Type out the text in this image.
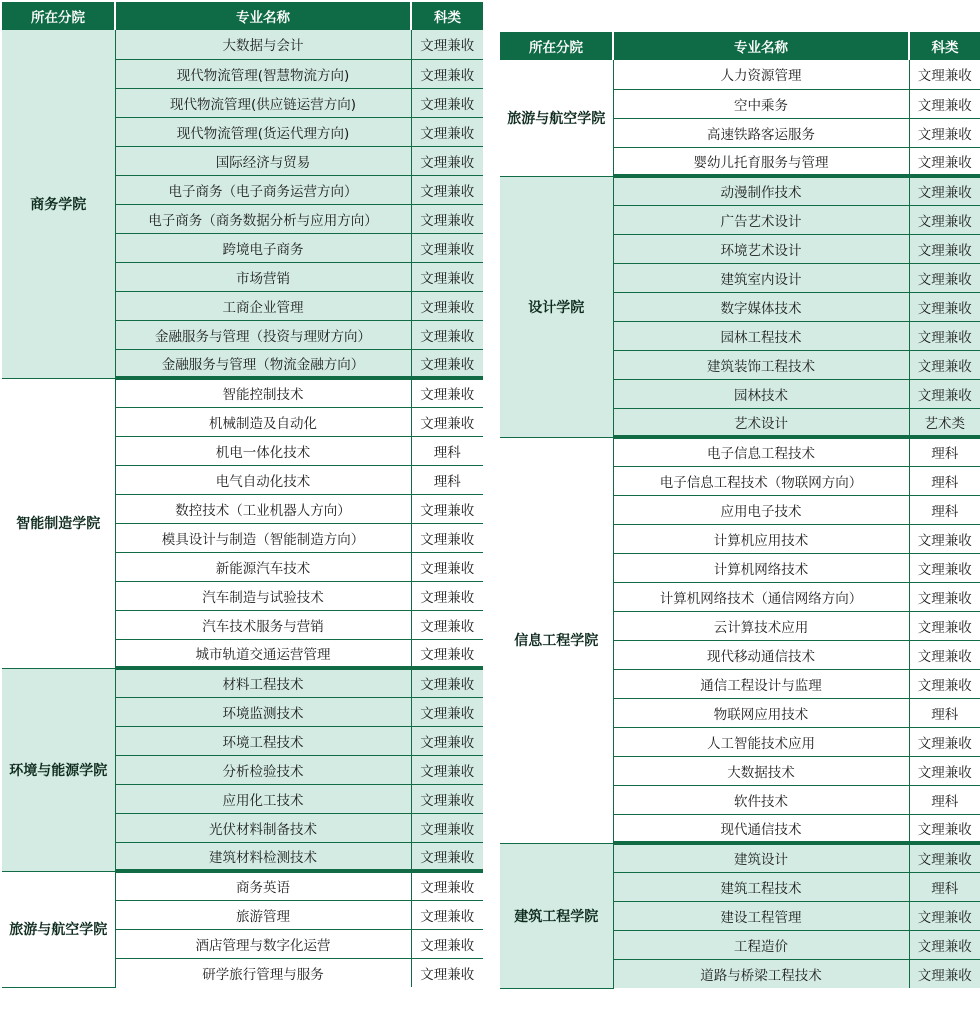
所在分院	专业名称	科类
商务学院	大数据与会计	文理兼收
	现代物流管理(智慧物流方向)	文理兼收
	现代物流管理(供应链运营方向)	文理兼收
	现代物流管理(货运代理方向)	文理兼收
	国际经济与贸易	文理兼收
	电子商务（电子商务运营方向）	文理兼收
	电子商务（商务数据分析与应用方向）	文理兼收
	跨境电子商务	文理兼收
	市场营销	文理兼收
	工商企业管理	文理兼收
	金融服务与管理（投资与理财方向）	文理兼收
	金融服务与管理（物流金融方向）	文理兼收
智能制造学院	智能控制技术	文理兼收
	机械制造及自动化	文理兼收
	机电一体化技术	理科
	电气自动化技术	理科
	数控技术（工业机器人方向）	文理兼收
	模具设计与制造（智能制造方向）	文理兼收
	新能源汽车技术	文理兼收
	汽车制造与试验技术	文理兼收
	汽车技术服务与营销	文理兼收
	城市轨道交通运营管理	文理兼收
环境与能源学院	材料工程技术	文理兼收
	环境监测技术	文理兼收
	环境工程技术	文理兼收
	分析检验技术	文理兼收
	应用化工技术	文理兼收
	光伏材料制备技术	文理兼收
	建筑材料检测技术	文理兼收
旅游与航空学院	商务英语	文理兼收
	旅游管理	文理兼收
	酒店管理与数字化运营	文理兼收
	研学旅行管理与服务	文理兼收
所在分院	专业名称	科类
旅游与航空学院	人力资源管理	文理兼收
	空中乘务	文理兼收
	高速铁路客运服务	文理兼收
	婴幼儿托育服务与管理	文理兼收
设计学院	动漫制作技术	文理兼收
	广告艺术设计	文理兼收
	环境艺术设计	文理兼收
	建筑室内设计	文理兼收
	数字媒体技术	文理兼收
	园林工程技术	文理兼收
	建筑装饰工程技术	文理兼收
	园林技术	文理兼收
	艺术设计	艺术类
信息工程学院	电子信息工程技术	理科
	电子信息工程技术（物联网方向）	理科
	应用电子技术	理科
	计算机应用技术	文理兼收
	计算机网络技术	文理兼收
	计算机网络技术（通信网络方向）	文理兼收
	云计算技术应用	文理兼收
	现代移动通信技术	文理兼收
	通信工程设计与监理	文理兼收
	物联网应用技术	理科
	人工智能技术应用	文理兼收
	大数据技术	文理兼收
	软件技术	理科
	现代通信技术	文理兼收
建筑工程学院	建筑设计	文理兼收
	建筑工程技术	理科
	建设工程管理	文理兼收
	工程造价	文理兼收
	道路与桥梁工程技术	文理兼收
